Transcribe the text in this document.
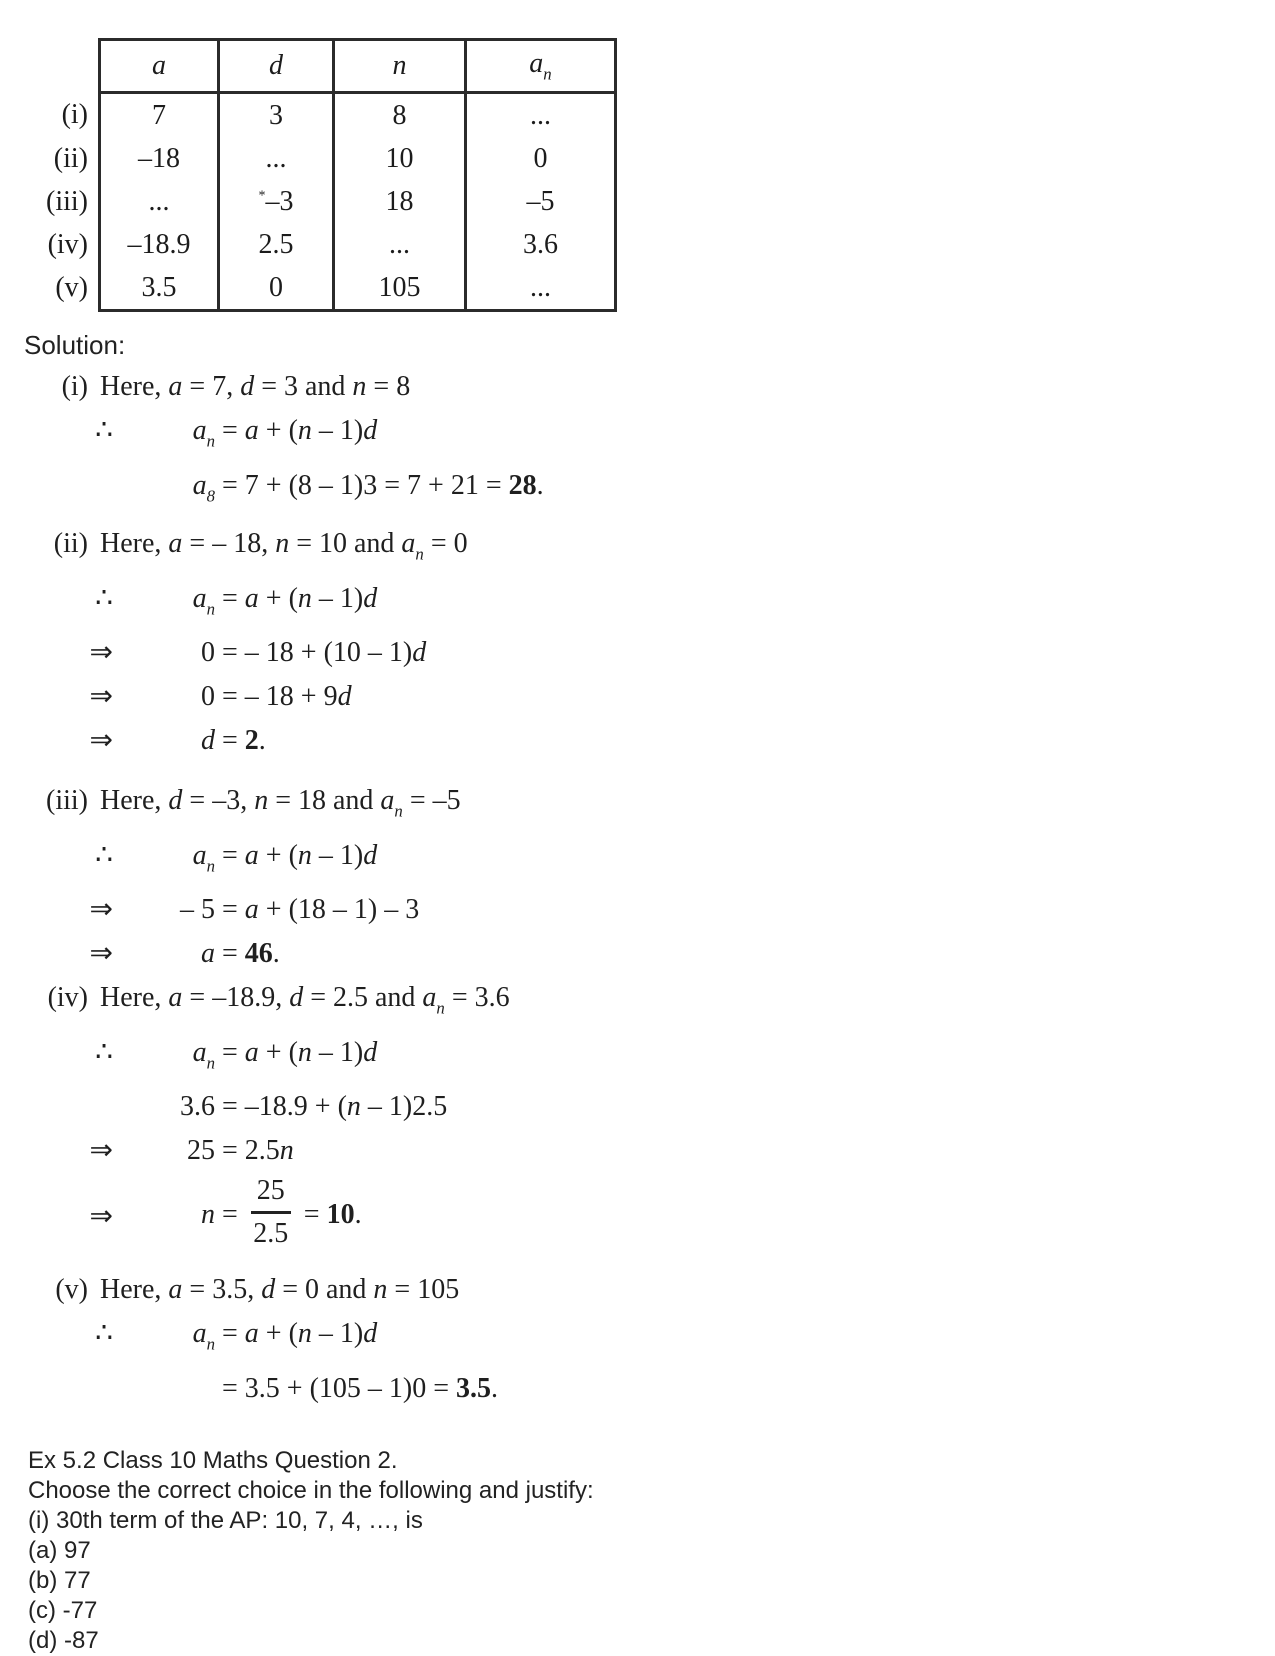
	a	d	n	$a_n$
(i)	7	3	8	...
(ii)	–18	...	10	0
(iii)	...	*–3	18	–5
(iv)	–18.9	2.5	...	3.6
(v)	3.5	0	105	...
Solution:
(i) Here, a = 7, d = 3 and n = 8
∴	$a_n = a + (n - 1)d$
$a_8 = 7 + (8 - 1)3 = 7 + 21 = 28$.
(ii) Here, a = – 18, n = 10 and $a_n = 0$
∴	$a_n = a + (n - 1)d$
⇒	0 = – 18 + (10 – 1)d
⇒	0 = – 18 + 9d
⇒	d = 2.
(iii) Here, d = –3, n = 18 and $a_n = -5$
∴	$a_n = a + (n - 1)d$
⇒ – 5 = a + (18 – 1) – 3
⇒	a = 46.
(iv) Here, a = –18.9, d = 2.5 and $a_n = 3.6$
∴	$a_n = a + (n - 1)d$
3.6 = –18.9 + (n – 1)2.5
⇒	25 = 2.5n
⇒	$n = \frac{25}{2.5} = 10$.
(v) Here, a = 3.5, d = 0 and n = 105
∴	$a_n = a + (n - 1)d$
= 3.5 + (105 – 1)0 = 3.5.
Ex 5.2 Class 10 Maths Question 2.
Choose the correct choice in the following and justify:
(i) 30th term of the AP: 10, 7, 4, …, is
(a) 97
(b) 77
(c) -77
(d) -87
